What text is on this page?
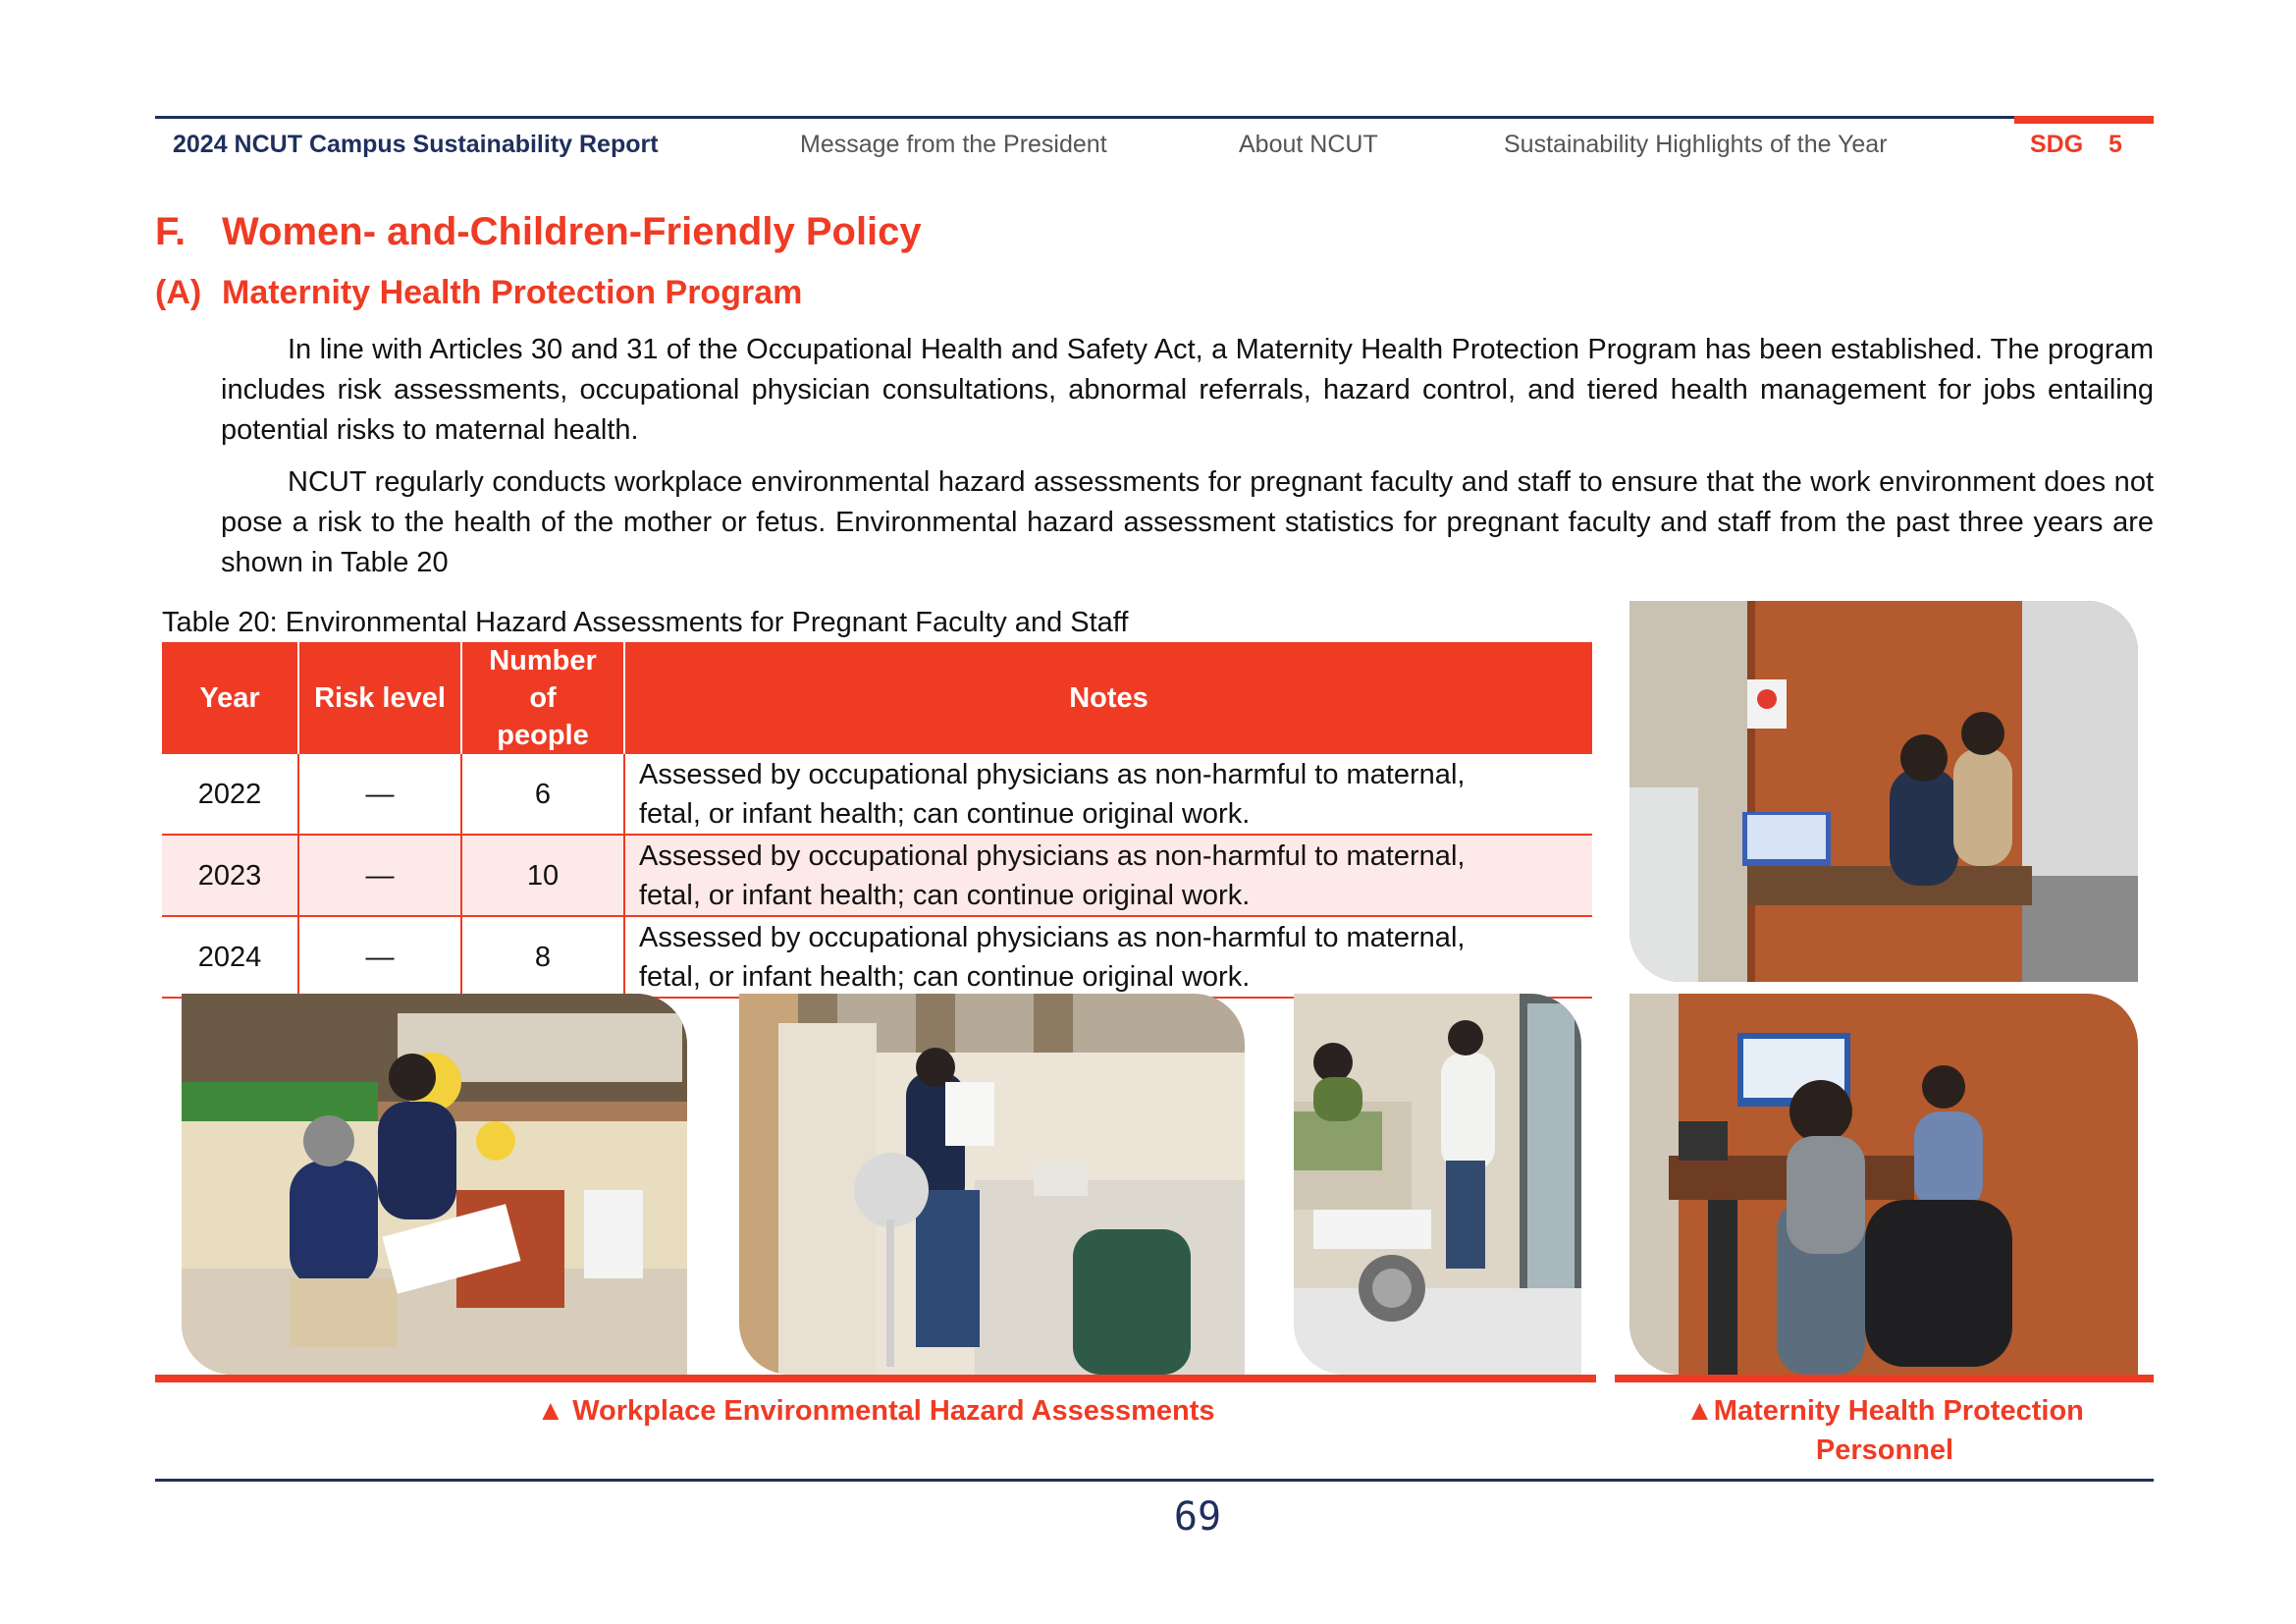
2024 NCUT Campus Sustainability Report	Message from the President	About NCUT	Sustainability Highlights of the Year	SDG 5
F. Women- and-Children-Friendly Policy
(A) Maternity Health Protection Program
In line with Articles 30 and 31 of the Occupational Health and Safety Act, a Maternity Health Protection Program has been established. The program includes risk assessments, occupational physician consultations, abnormal referrals, hazard control, and tiered health management for jobs entailing potential risks to maternal health.
NCUT regularly conducts workplace environmental hazard assessments for pregnant faculty and staff to ensure that the work environment does not pose a risk to the health of the mother or fetus. Environmental hazard assessment statistics for pregnant faculty and staff from the past three years are shown in Table 20
Table 20: Environmental Hazard Assessments for Pregnant Faculty and Staff
Year	Risk level	Number of people	Notes
2022	—	6	Assessed by occupational physicians as non-harmful to maternal, fetal, or infant health; can continue original work.

2023	—	10	Assessed by occupational physicians as non-harmful to maternal, fetal, or infant health; can continue original work.

2024	—	8	Assessed by occupational physicians as non-harmful to maternal, fetal, or infant health; can continue original work.
▲ Workplace Environmental Hazard Assessments	▲Maternity Health Protection Personnel
69
